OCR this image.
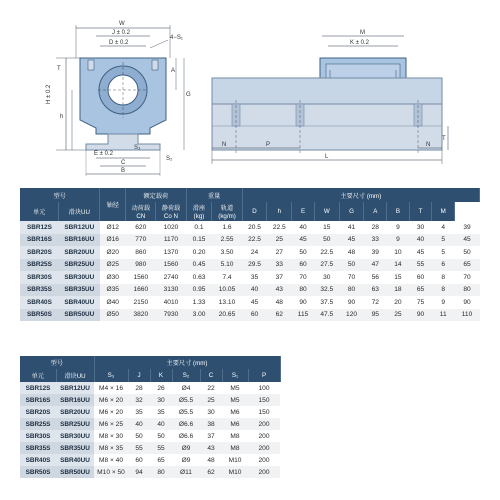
W
J ± 0.2
D ± 0.2
4−S₁
T
H ± 0.2
h
A
G
E ± 0.2
C
B
S₂
S₃
M
K ± 0.2
N	P	N
T
L
型号		轴径	额定载荷		重量		主要尺寸 (mm)									
单元	滑块UU		动荷载	静荷载	滑座	轨道	D	h	E	W	G	A	B	T	M	
			CN	Co N	(kg)	(kg/m)										
SBR12S	SBR12UU	Ø12	620	1020	0.1	1.6	20.5	22.5	40	15	41	28	9	30	4	39
SBR16S	SBR16UU	Ø16	770	1170	0.15	2.55	22.5	25	45	50	45	33	9	40	5	45
SBR20S	SBR20UU	Ø20	860	1370	0.20	3.50	24	27	50	22.5	48	39	10	45	5	50
SBR25S	SBR25UU	Ø25	980	1560	0.45	5.10	29.5	33	60	27.5	50	47	14	55	6	65
SBR30S	SBR30UU	Ø30	1560	2740	0.63	7.4	35	37	70	30	70	56	15	60	8	70
SBR35S	SBR35UU	Ø35	1660	3130	0.95	10.05	40	43	80	32.5	80	63	18	65	8	80
SBR40S	SBR40UU	Ø40	2150	4010	1.33	13.10	45	48	90	37.5	90	72	20	75	9	90
SBR50S	SBR50UU	Ø50	3820	7930	3.00	20.65	60	62	115	47.5	120	95	25	90	11	110
型号		主要尺寸 (mm)						
单元	滑块UU	S₃	J	K	S₂	C	S₁	P
SBR12S	SBR12UU	M4 × 16	28	26	Ø4	22	M5	100
SBR16S	SBR16UU	M6 × 20	32	30	Ø5.5	25	M5	150
SBR20S	SBR20UU	M6 × 20	35	35	Ø5.5	30	M6	150
SBR25S	SBR25UU	M6 × 25	40	40	Ø6.6	38	M6	200
SBR30S	SBR30UU	M8 × 30	50	50	Ø6.6	37	M8	200
SBR35S	SBR35UU	M8 × 35	55	55	Ø9	43	M8	200
SBR40S	SBR40UU	M8 × 40	60	65	Ø9	48	M10	200
SBR50S	SBR50UU	M10 × 50	94	80	Ø11	62	M10	200
